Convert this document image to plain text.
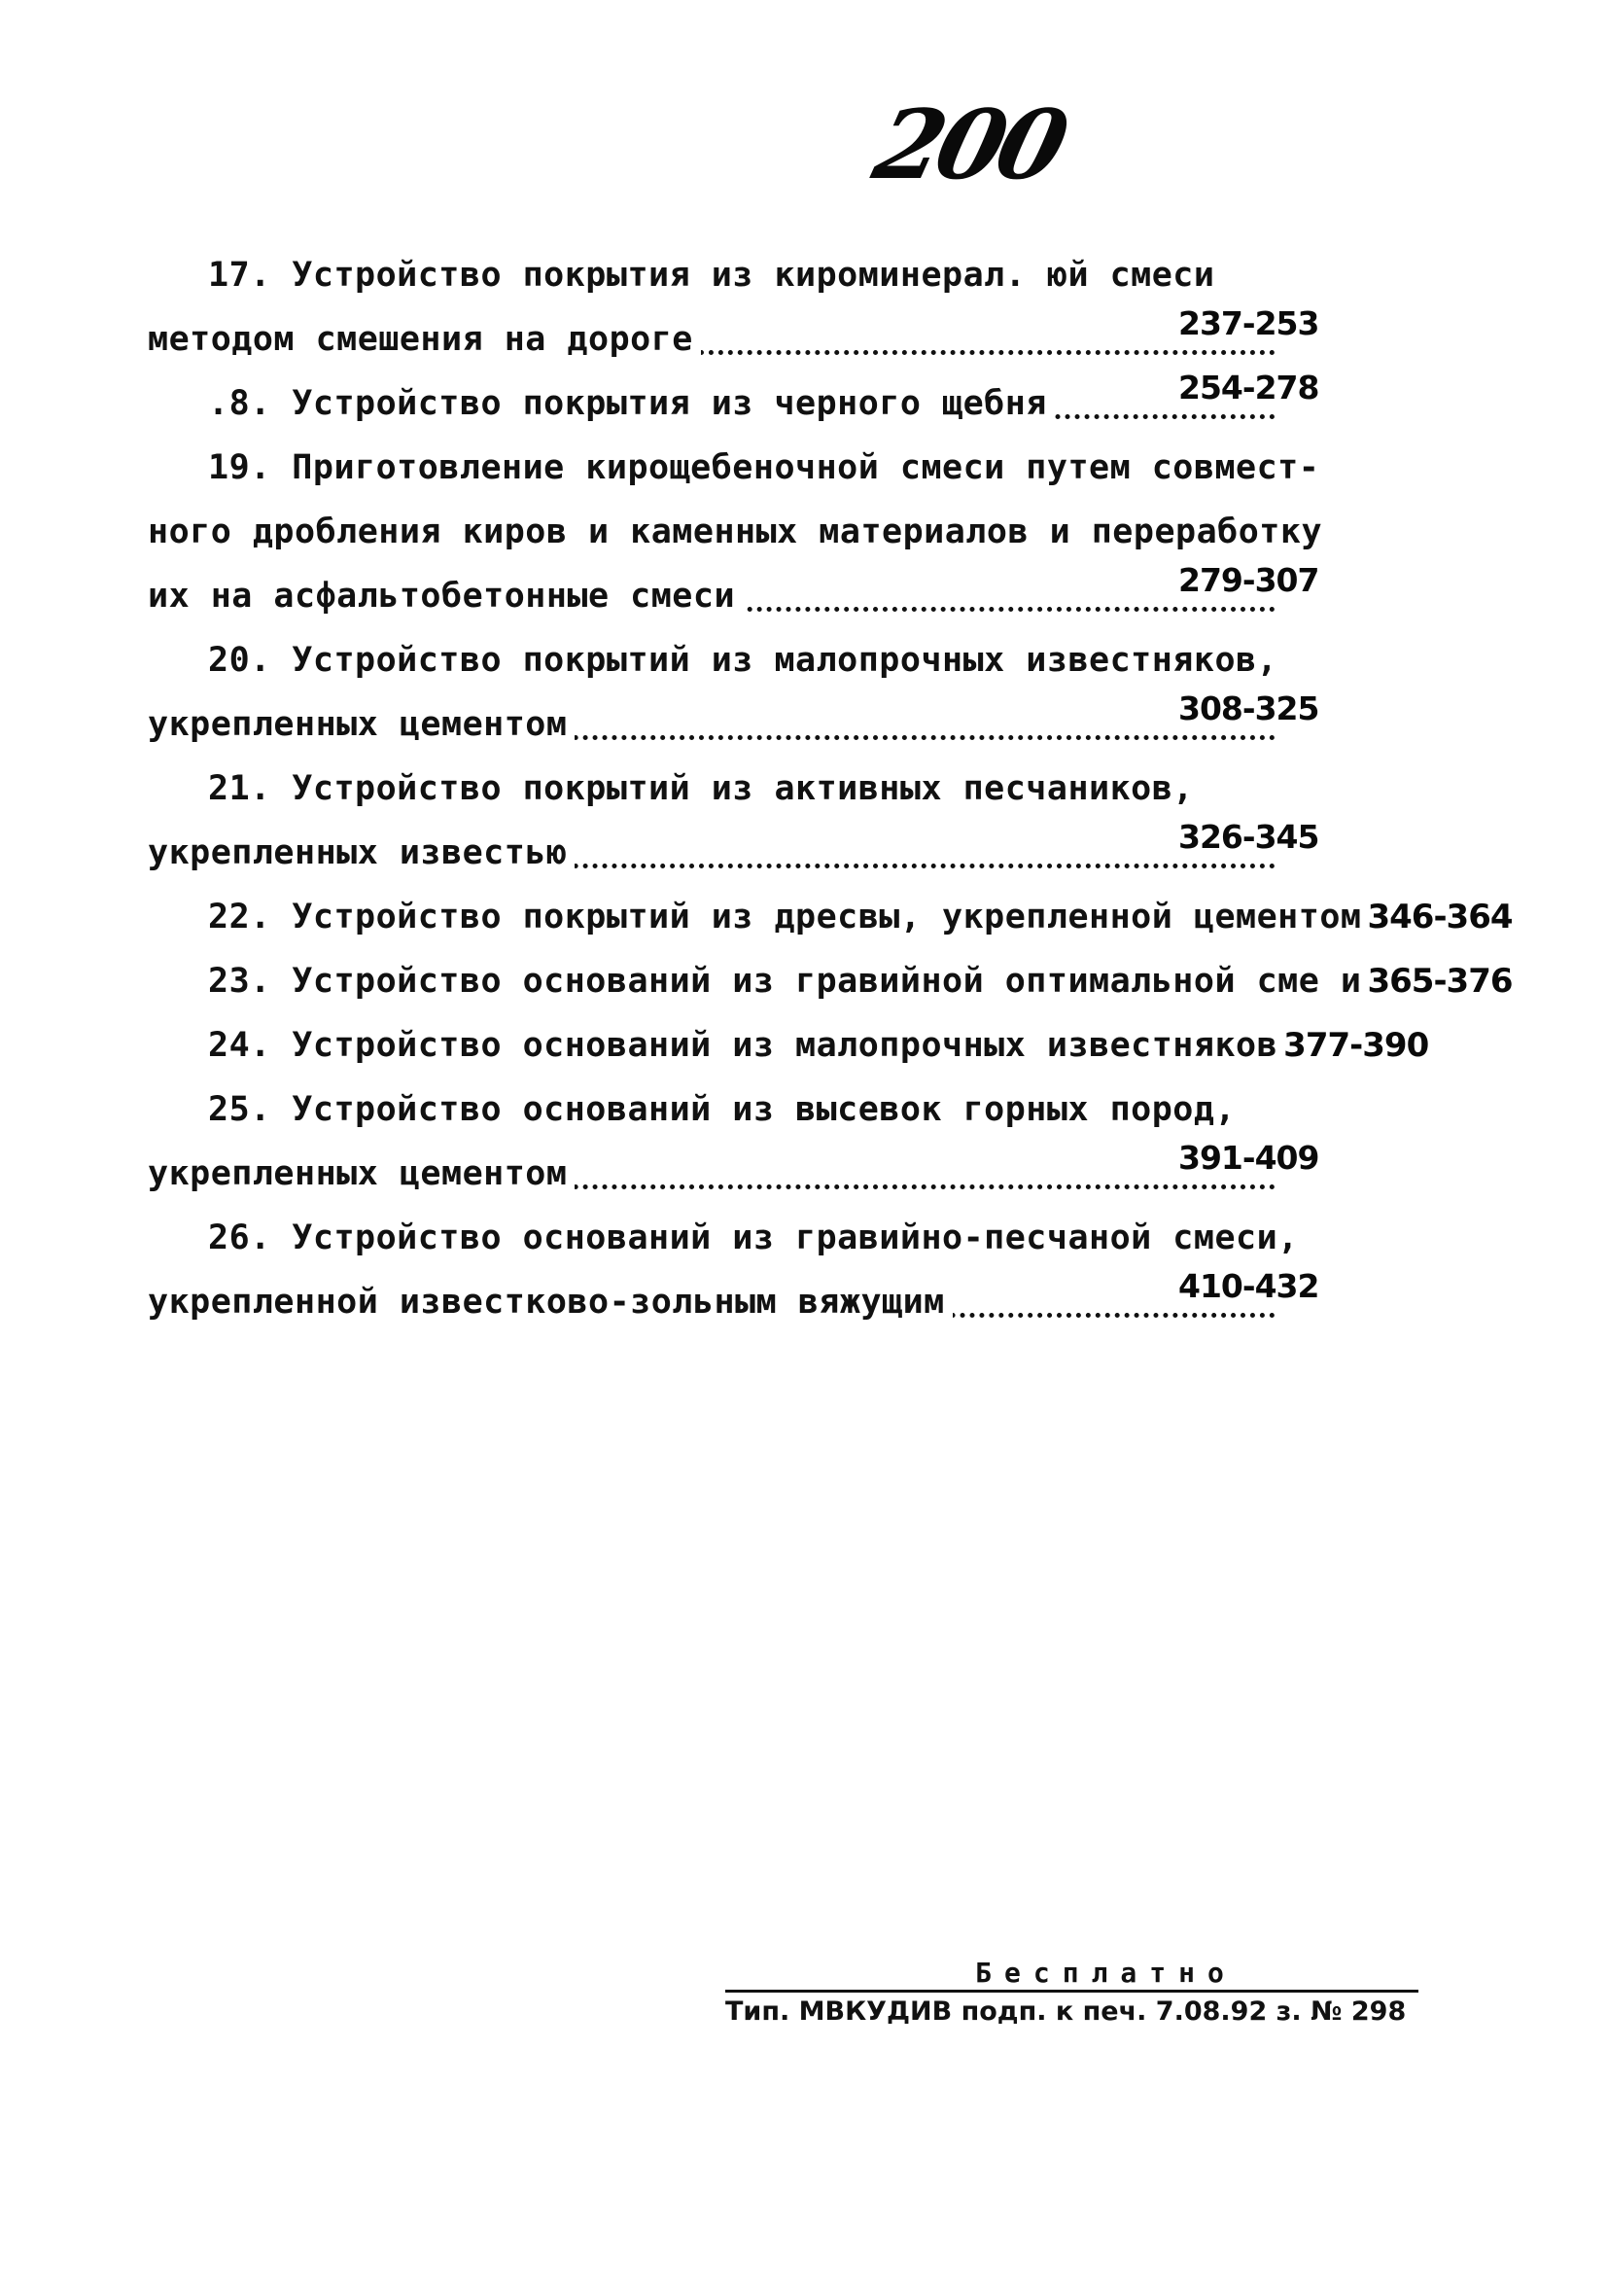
200
17. Устройство покрытия из кироминерал. юй смеси
методом смешения на дороге	237-253
.8. Устройство покрытия из черного щебня	254-278
19. Приготовление кирощебеночной смеси путем совмест-
ного дробления киров и каменных материалов и переработку
их на асфальтобетонные смеси	279-307
20. Устройство покрытий из малопрочных известняков,
укрепленных цементом	308-325
21. Устройство покрытий из активных песчаников,
укрепленных известью	326-345
22. Устройство покрытий из дресвы, укрепленной цементом 346-364
23. Устройство оснований из гравийной оптимальной сме и 365-376
24. Устройство оснований из малопрочных известняков 377-390
25. Устройство оснований из высевок горных пород,
укрепленных цементом	391-409
26. Устройство оснований из гравийно-песчаной смеси,
укрепленной известково-зольным вяжущим	410-432
Бесплатно
Тип. МВКУДИВ подп. к печ. 7.08.92 з. № 298
